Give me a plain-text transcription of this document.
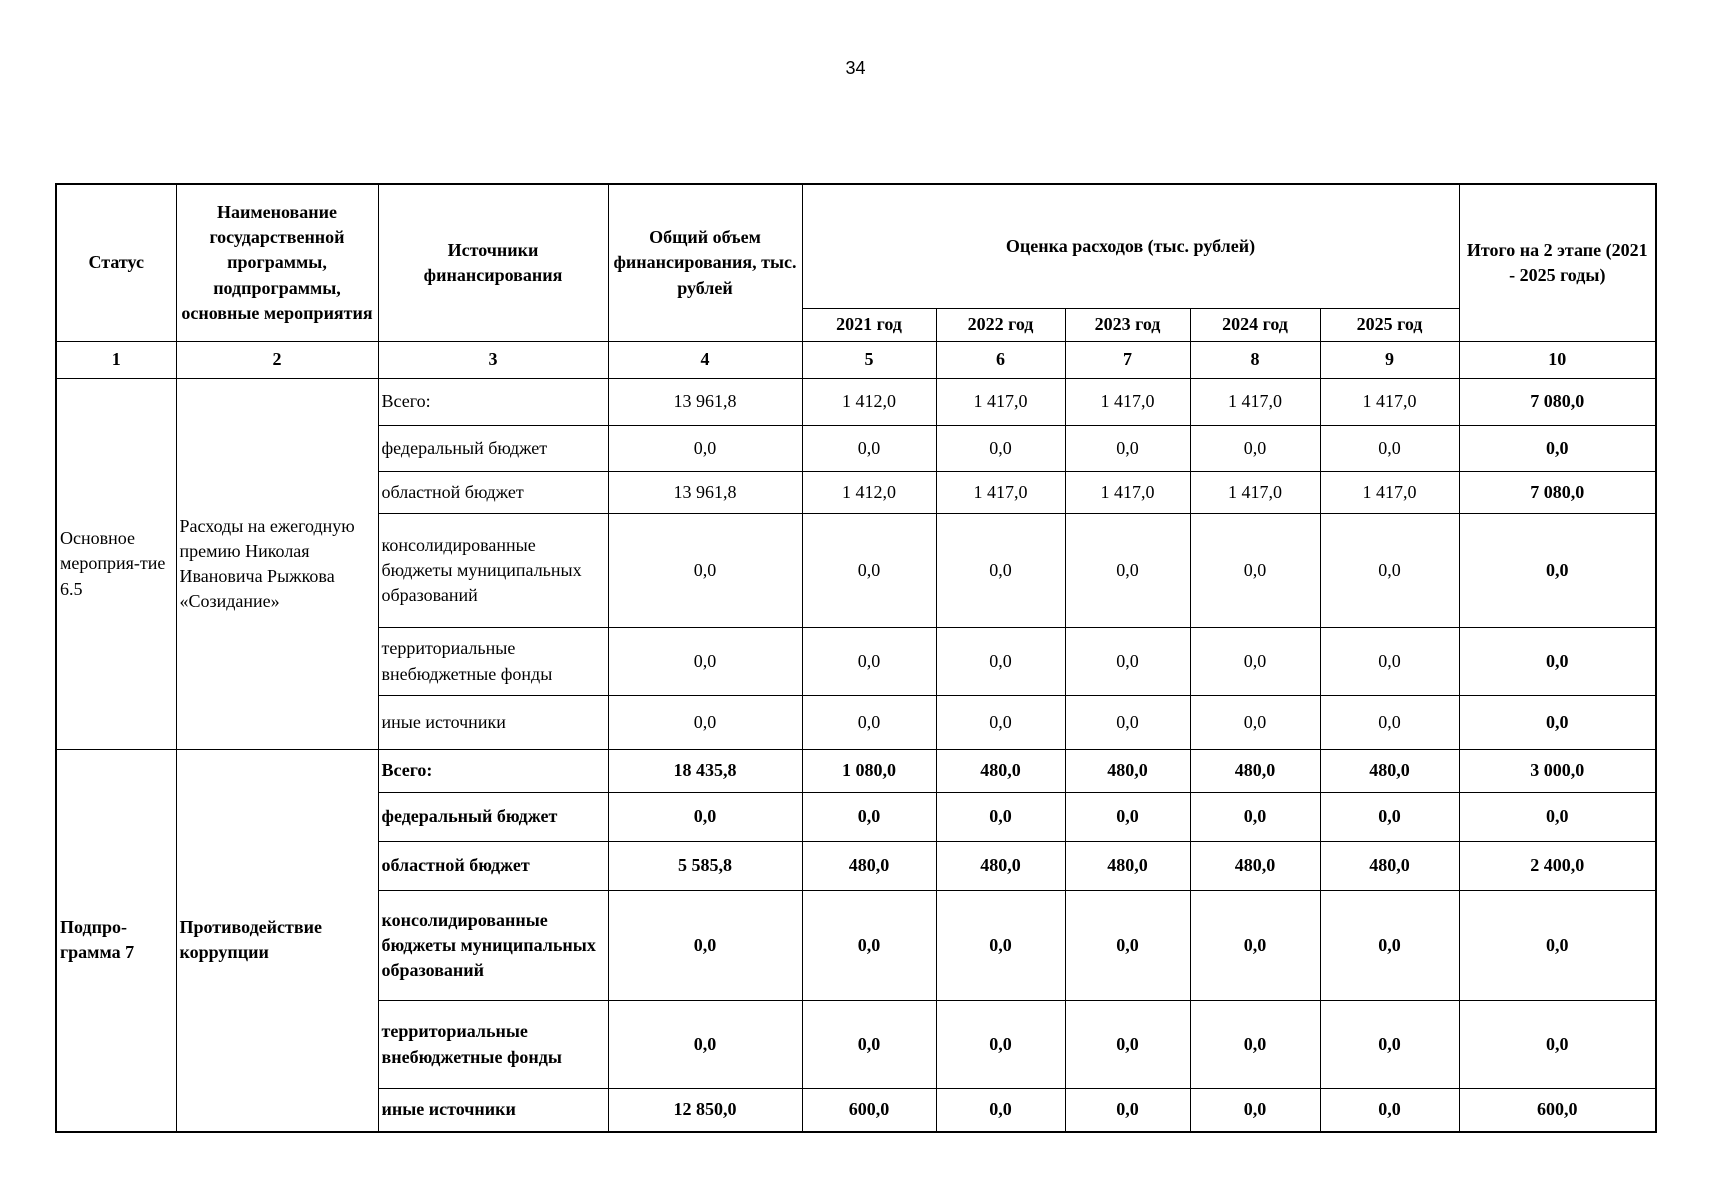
34
Статус	Наименование государственной программы, подпрограммы, основные мероприятия	Источники финансирования	Общий объем финансирования, тыс. рублей	Оценка расходов (тыс. рублей)					Итого на 2 этапе (2021 - 2025 годы)
				2021 год	2022 год	2023 год	2024 год	2025 год	
1	2	3	4	5	6	7	8	9	10
Основное мероприя-тие 6.5	Расходы на ежегодную премию Николая Ивановича Рыжкова «Созидание»	Всего:	13 961,8	1 412,0	1 417,0	1 417,0	1 417,0	1 417,0	7 080,0
		федеральный бюджет	0,0	0,0	0,0	0,0	0,0	0,0	0,0
		областной бюджет	13 961,8	1 412,0	1 417,0	1 417,0	1 417,0	1 417,0	7 080,0
		консолидированные бюджеты муниципальных образований	0,0	0,0	0,0	0,0	0,0	0,0	0,0
		территориальные внебюджетные фонды	0,0	0,0	0,0	0,0	0,0	0,0	0,0
		иные источники	0,0	0,0	0,0	0,0	0,0	0,0	0,0
Подпро-грамма 7	Противодействие коррупции	Всего:	18 435,8	1 080,0	480,0	480,0	480,0	480,0	3 000,0
		федеральный бюджет	0,0	0,0	0,0	0,0	0,0	0,0	0,0
		областной бюджет	5 585,8	480,0	480,0	480,0	480,0	480,0	2 400,0
		консолидированные бюджеты муниципальных образований	0,0	0,0	0,0	0,0	0,0	0,0	0,0
		территориальные внебюджетные фонды	0,0	0,0	0,0	0,0	0,0	0,0	0,0
		иные источники	12 850,0	600,0	0,0	0,0	0,0	0,0	600,0
